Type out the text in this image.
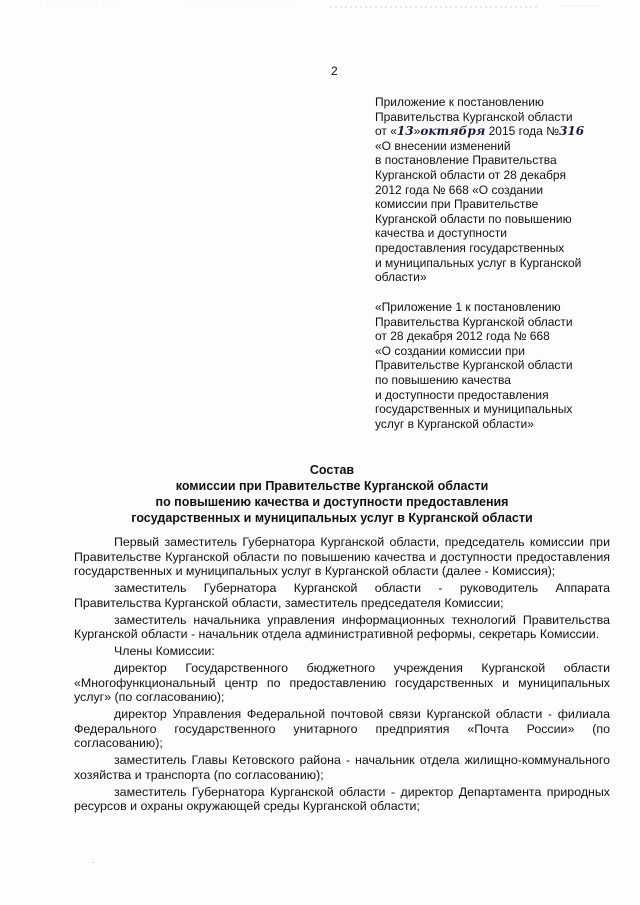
2

Приложение к постановлению

Правительства Курганской области

от «13»октября 2015 года №316

«О внесении изменений

в постановление Правительства

Курганской области от 28 декабря

2012 года № 668 «О создании

комиссии при Правительстве

Курганской области по повышению

качества и доступности

предоставления государственных

и муниципальных услуг в Курганской

области»

«Приложение 1 к постановлению

Правительства Курганской области

от 28 декабря 2012 года № 668

«О создании комиссии при

Правительстве Курганской области

по повышению качества

и доступности предоставления

государственных и муниципальных

услуг в Курганской области»

Состав

комиссии при Правительстве Курганской области

по повышению качества и доступности предоставления

государственных и муниципальных услуг в Курганской области

Первый заместитель Губернатора Курганской области, председатель комиссии при Правительстве Курганской области по повышению качества и доступности предоставления государственных и муниципальных услуг в Курганской области (далее - Комиссия);

заместитель Губернатора Курганской области - руководитель Аппарата Правительства Курганской области, заместитель председателя Комиссии;

заместитель начальника управления информационных технологий Правительства Курганской области - начальник отдела административной реформы, секретарь Комиссии.

Члены Комиссии:

директор Государственного бюджетного учреждения Курганской области «Многофункциональный центр по предоставлению государственных и муниципальных услуг» (по согласованию);

директор Управления Федеральной почтовой связи Курганской области - филиала Федерального государственного унитарного предприятия «Почта России» (по согласованию);

заместитель Главы Кетовского района - начальник отдела жилищно-коммунального хозяйства и транспорта (по согласованию);

заместитель Губернатора Курганской области - директор Департамента природных ресурсов и охраны окружающей среды Курганской области;

·
